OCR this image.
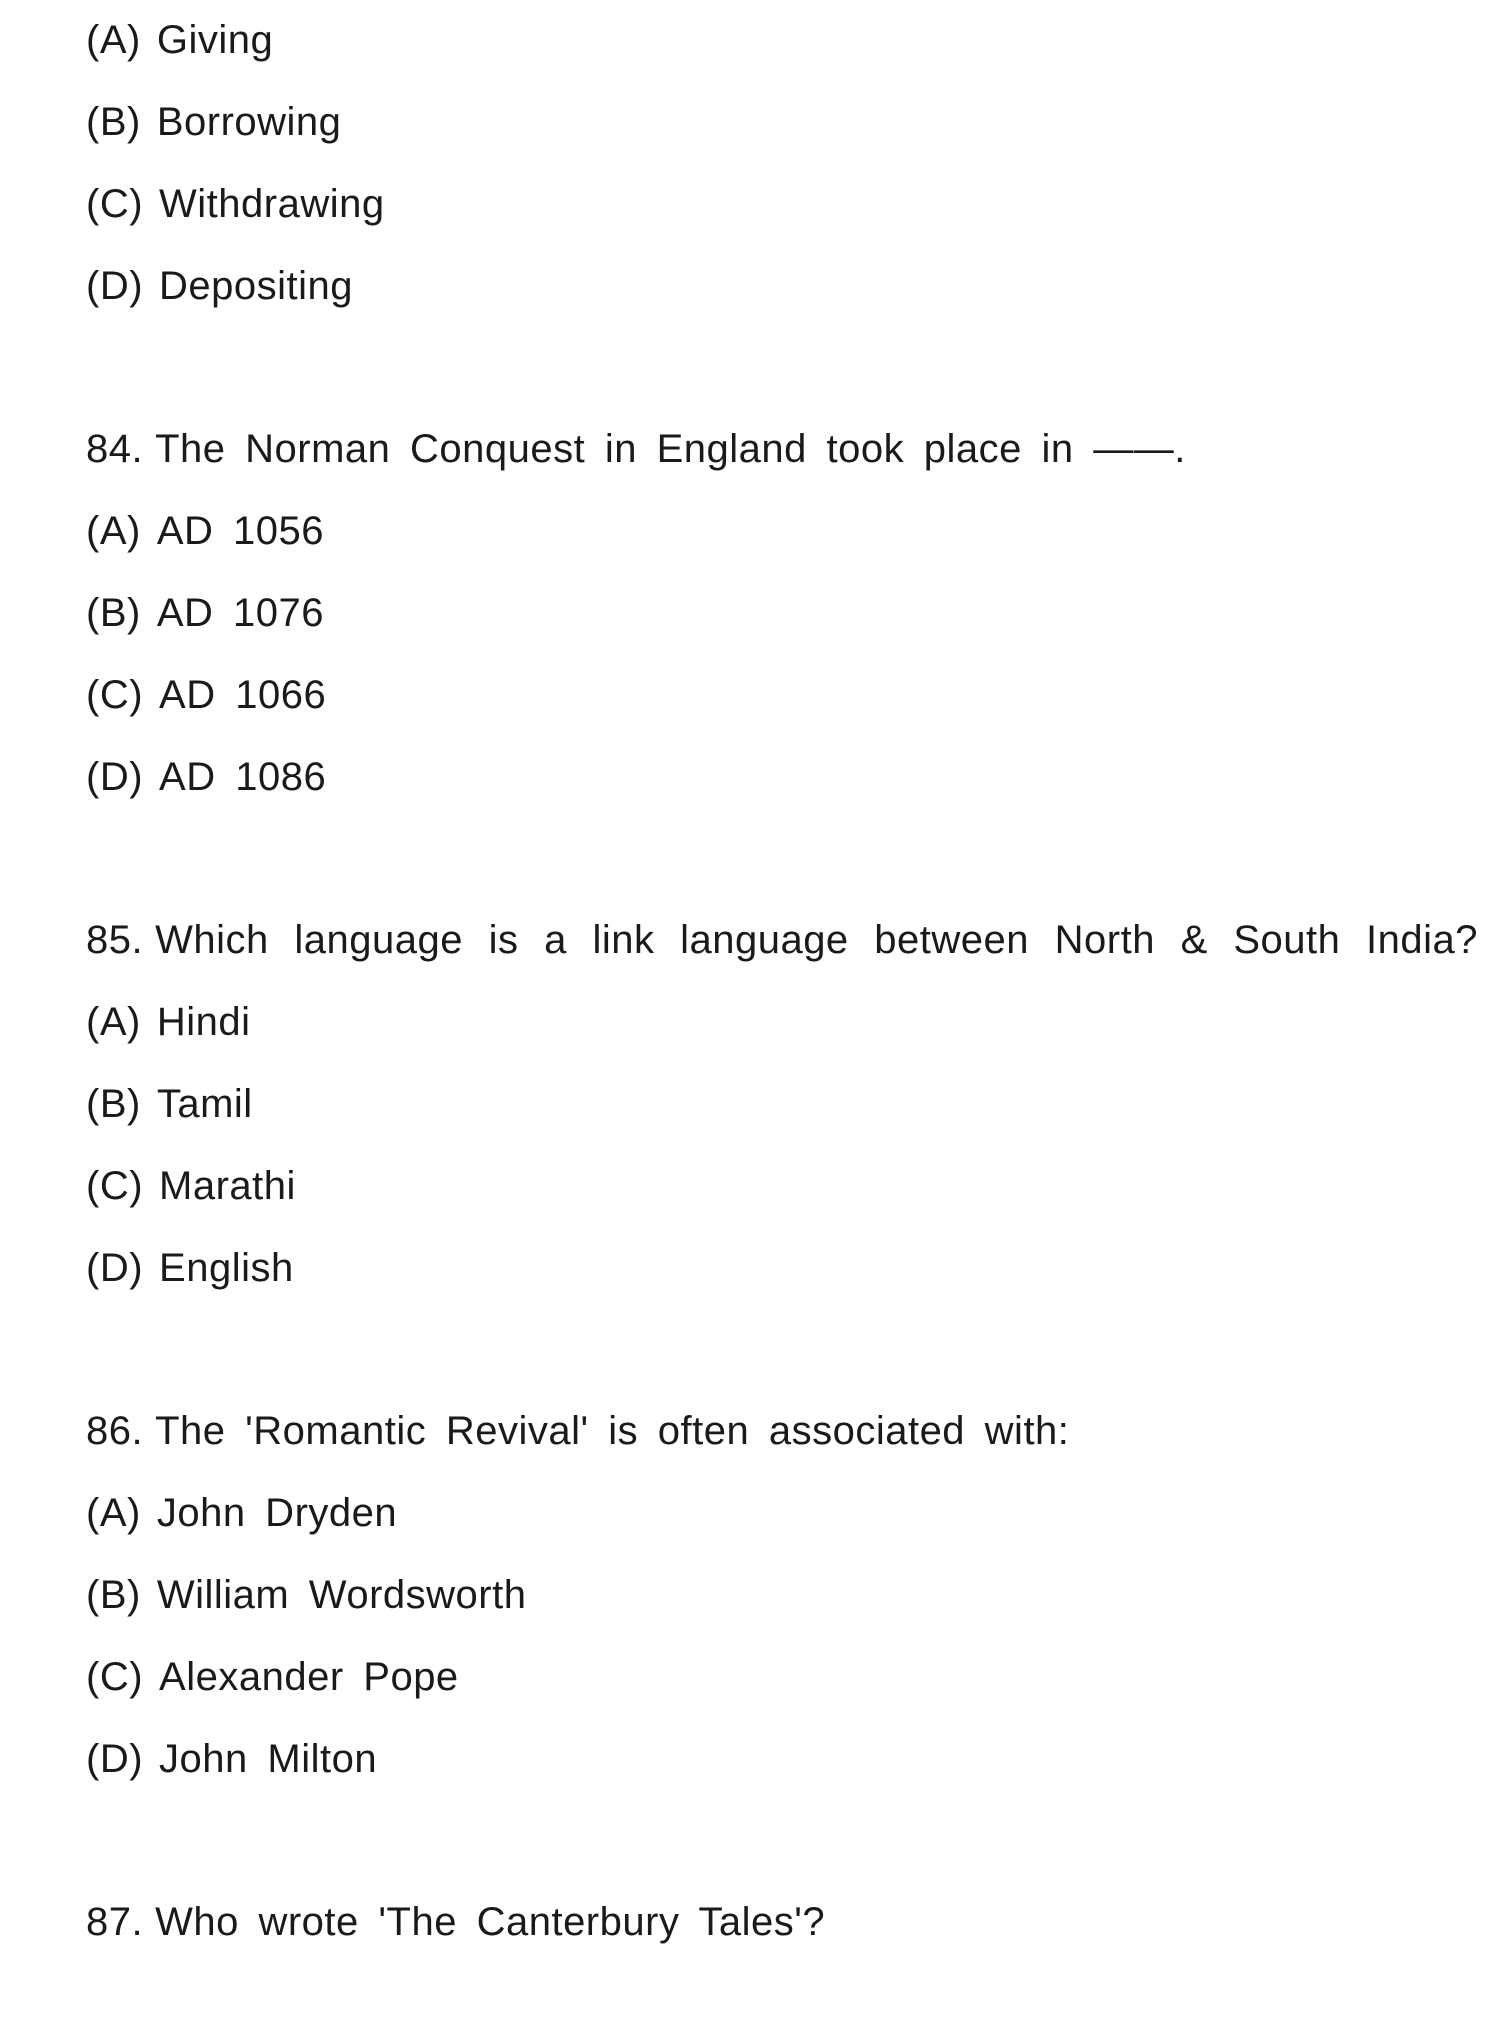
(A) Giving
(B) Borrowing
(C) Withdrawing
(D) Depositing
84. The Norman Conquest in England took place in ——.
(A) AD 1056
(B) AD 1076
(C) AD 1066
(D) AD 1086
85. Which language is a link language between North & South India?
(A) Hindi
(B) Tamil
(C) Marathi
(D) English
86. The 'Romantic Revival' is often associated with:
(A) John Dryden
(B) William Wordsworth
(C) Alexander Pope
(D) John Milton
87. Who wrote 'The Canterbury Tales'?
